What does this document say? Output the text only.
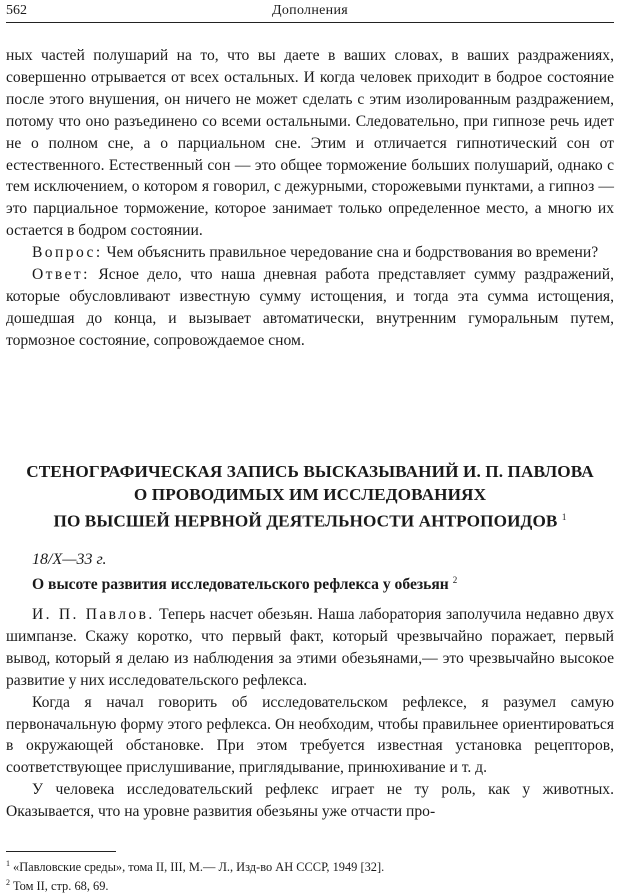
562	Дополнения

ных частей полушарий на то, что вы даете в ваших словах, в ваших раздражениях, совершенно отрывается от всех остальных. И когда человек приходит в бодрое состояние после этого внушения, он ничего не может сделать с этим изолированным раздражением, потому что оно разъединено со всеми остальными. Следовательно, при гипнозе речь идет не о полном сне, а о парциальном сне. Этим и отличается гипнотический сон от естественного. Естественный сон — это общее торможение больших полушарий, однако с тем исключением, о котором я говорил, с дежурными, сторожевыми пунктами, а гипноз — это парциальное торможение, которое занимает только определенное место, а многю их остается в бодром состоянии.

Вопрос: Чем объяснить правильное чередование сна и бодрствования во времени?

Ответ: Ясное дело, что наша дневная работа представляет сумму раздражений, которые обусловливают известную сумму истощения, и тогда эта сумма истощения, дошедшая до конца, и вызывает автоматически, внутренним гуморальным путем, тормозное состояние, сопровождаемое сном.

СТЕНОГРАФИЧЕСКАЯ ЗАПИСЬ ВЫСКАЗЫВАНИЙ И. П. ПАВЛОВА
О ПРОВОДИМЫХ ИМ ИССЛЕДОВАНИЯХ
ПО ВЫСШЕЙ НЕРВНОЙ ДЕЯТЕЛЬНОСТИ АНТРОПОИДОВ $^1$
18/X—33 г.
О высоте развития исследовательского рефлекса у обезьян $^2$

И. П. Павлов. Теперь насчет обезьян. Наша лаборатория заполучила недавно двух шимпанзе. Скажу коротко, что первый факт, который чрезвычайно поражает, первый вывод, который я делаю из наблюдения за этими обезьянами,— это чрезвычайно высокое развитие у них исследовательского рефлекса.

Когда я начал говорить об исследовательском рефлексе, я разумел самую первоначальную форму этого рефлекса. Он необходим, чтобы правильнее ориентироваться в окружающей обстановке. При этом требуется известная установка рецепторов, соответствующее прислушивание, приглядывание, принюхивание и т. д.

У человека исследовательский рефлекс играет не ту роль, как у животных. Оказывается, что на уровне развития обезьяны уже отчасти про-

$^1$ «Павловские среды», тома II, III, М.— Л., Изд-во АН СССР, 1949 [32].

$^2$ Том II, стр. 68, 69.
